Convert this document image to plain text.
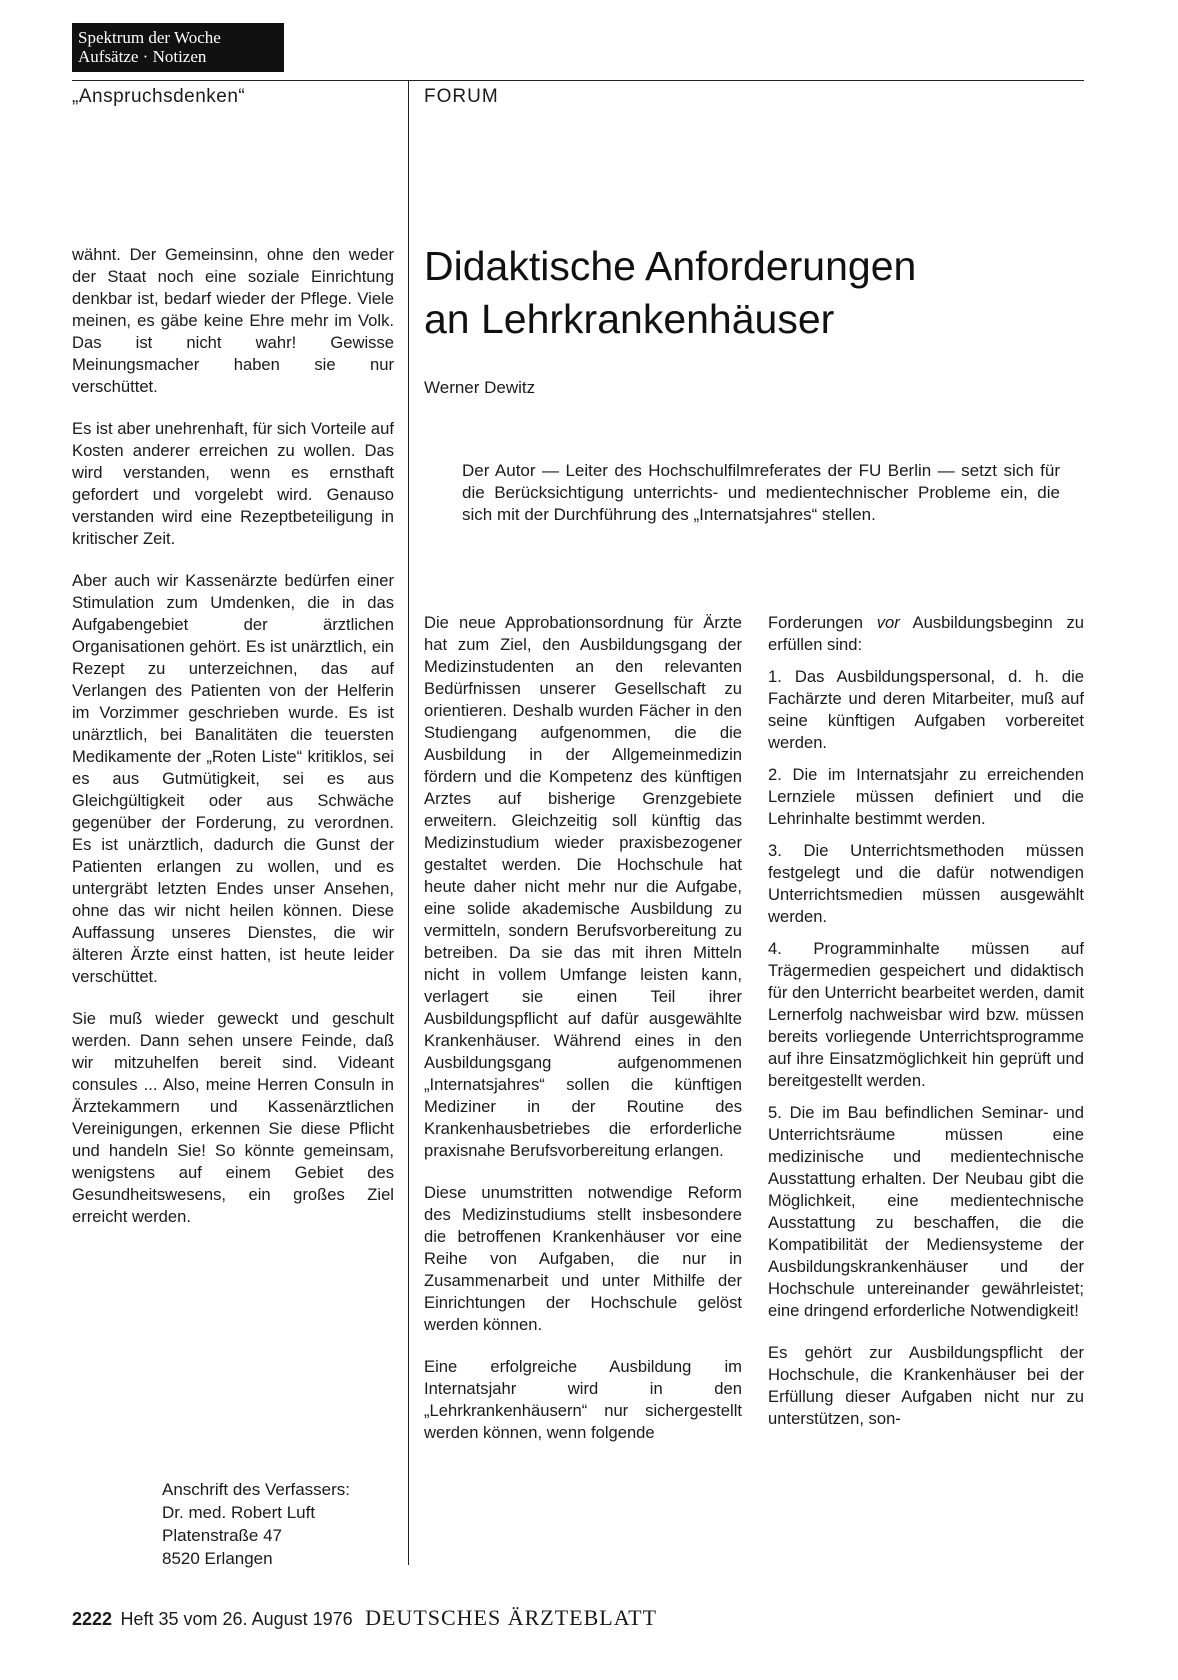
Spektrum der Woche
Aufsätze · Notizen
„Anspruchsdenken“	FORUM
Didaktische Anforderungen
an Lehrkrankenhäuser
Werner Dewitz

Der Autor — Leiter des Hochschulfilmreferates der FU Berlin — setzt sich für die Berücksichtigung unterrichts- und medientechnischer Probleme ein, die sich mit der Durchführung des „Internatsjahres“ stellen.

wähnt. Der Gemeinsinn, ohne den weder der Staat noch eine soziale Einrichtung denkbar ist, bedarf wieder der Pflege. Viele meinen, es gäbe keine Ehre mehr im Volk. Das ist nicht wahr! Gewisse Meinungsmacher haben sie nur verschüttet.

Es ist aber unehrenhaft, für sich Vorteile auf Kosten anderer erreichen zu wollen. Das wird verstanden, wenn es ernsthaft gefordert und vorgelebt wird. Genauso verstanden wird eine Rezeptbeteiligung in kritischer Zeit.

Aber auch wir Kassenärzte bedürfen einer Stimulation zum Umdenken, die in das Aufgabengebiet der ärztlichen Organisationen gehört. Es ist unärztlich, ein Rezept zu unterzeichnen, das auf Verlangen des Patienten von der Helferin im Vorzimmer geschrieben wurde. Es ist unärztlich, bei Banalitäten die teuersten Medikamente der „Roten Liste“ kritiklos, sei es aus Gutmütigkeit, sei es aus Gleichgültigkeit oder aus Schwäche gegenüber der Forderung, zu verordnen. Es ist unärztlich, dadurch die Gunst der Patienten erlangen zu wollen, und es untergräbt letzten Endes unser Ansehen, ohne das wir nicht heilen können. Diese Auffassung unseres Dienstes, die wir älteren Ärzte einst hatten, ist heute leider verschüttet.

Sie muß wieder geweckt und geschult werden. Dann sehen unsere Feinde, daß wir mitzuhelfen bereit sind. Videant consules ... Also, meine Herren Consuln in Ärztekammern und Kassenärztlichen Vereinigungen, erkennen Sie diese Pflicht und handeln Sie! So könnte gemeinsam, wenigstens auf einem Gebiet des Gesundheitswesens, ein großes Ziel erreicht werden.

Anschrift des Verfassers:
Dr. med. Robert Luft
Platenstraße 47
8520 Erlangen

Die neue Approbationsordnung für Ärzte hat zum Ziel, den Ausbildungsgang der Medizinstudenten an den relevanten Bedürfnissen unserer Gesellschaft zu orientieren. Deshalb wurden Fächer in den Studiengang aufgenommen, die die Ausbildung in der Allgemeinmedizin fördern und die Kompetenz des künftigen Arztes auf bisherige Grenzgebiete erweitern. Gleichzeitig soll künftig das Medizinstudium wieder praxisbezogener gestaltet werden. Die Hochschule hat heute daher nicht mehr nur die Aufgabe, eine solide akademische Ausbildung zu vermitteln, sondern Berufsvorbereitung zu betreiben. Da sie das mit ihren Mitteln nicht in vollem Umfange leisten kann, verlagert sie einen Teil ihrer Ausbildungspflicht auf dafür ausgewählte Krankenhäuser. Während eines in den Ausbildungsgang aufgenommenen „Internatsjahres“ sollen die künftigen Mediziner in der Routine des Krankenhausbetriebes die erforderliche praxisnahe Berufsvorbereitung erlangen.

Diese unumstritten notwendige Reform des Medizinstudiums stellt insbesondere die betroffenen Krankenhäuser vor eine Reihe von Aufgaben, die nur in Zusammenarbeit und unter Mithilfe der Einrichtungen der Hochschule gelöst werden können.

Eine erfolgreiche Ausbildung im Internatsjahr wird in den „Lehrkrankenhäusern“ nur sichergestellt werden können, wenn folgende

Forderungen vor Ausbildungsbeginn zu erfüllen sind:

1. Das Ausbildungspersonal, d. h. die Fachärzte und deren Mitarbeiter, muß auf seine künftigen Aufgaben vorbereitet werden.

2. Die im Internatsjahr zu erreichenden Lernziele müssen definiert und die Lehrinhalte bestimmt werden.

3. Die Unterrichtsmethoden müssen festgelegt und die dafür notwendigen Unterrichtsmedien müssen ausgewählt werden.

4. Programminhalte müssen auf Trägermedien gespeichert und didaktisch für den Unterricht bearbeitet werden, damit Lernerfolg nachweisbar wird bzw. müssen bereits vorliegende Unterrichtsprogramme auf ihre Einsatzmöglichkeit hin geprüft und bereitgestellt werden.

5. Die im Bau befindlichen Seminar- und Unterrichtsräume müssen eine medizinische und medientechnische Ausstattung erhalten. Der Neubau gibt die Möglichkeit, eine medientechnische Ausstattung zu beschaffen, die die Kompatibilität der Mediensysteme der Ausbildungskrankenhäuser und der Hochschule untereinander gewährleistet; eine dringend erforderliche Notwendigkeit!

Es gehört zur Ausbildungspflicht der Hochschule, die Krankenhäuser bei der Erfüllung dieser Aufgaben nicht nur zu unterstützen, son-

2222 Heft 35 vom 26. August 1976 DEUTSCHES ÄRZTEBLATT
